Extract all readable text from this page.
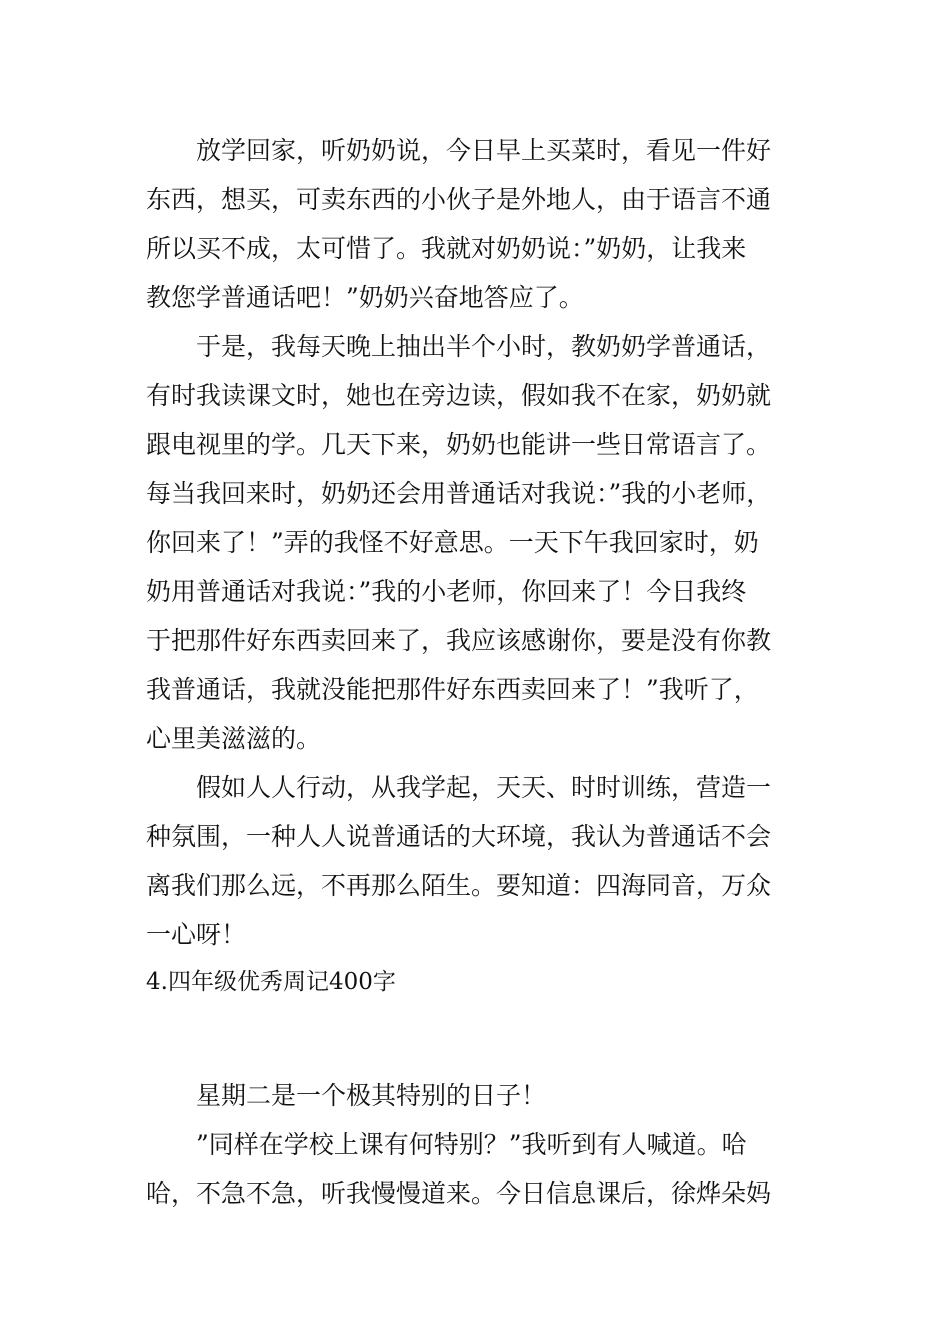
放学回家，听奶奶说，今日早上买菜时，看见一件好

东西，想买，可卖东西的小伙子是外地人，由于语言不通

所以买不成，太可惜了。我就对奶奶说：”奶奶，让我来

教您学普通话吧！”奶奶兴奋地答应了。

于是，我每天晚上抽出半个小时，教奶奶学普通话，

有时我读课文时，她也在旁边读，假如我不在家，奶奶就

跟电视里的学。几天下来，奶奶也能讲一些日常语言了。

每当我回来时，奶奶还会用普通话对我说：”我的小老师，

你回来了！”弄的我怪不好意思。一天下午我回家时，奶

奶用普通话对我说：”我的小老师，你回来了！今日我终

于把那件好东西卖回来了，我应该感谢你，要是没有你教

我普通话，我就没能把那件好东西卖回来了！”我听了，

心里美滋滋的。

假如人人行动，从我学起，天天、时时训练，营造一

种氛围，一种人人说普通话的大环境，我认为普通话不会

离我们那么远，不再那么陌生。要知道：四海同音，万众

一心呀！

4.四年级优秀周记400字

星期二是一个极其特别的日子！

”同样在学校上课有何特别？”我听到有人喊道。哈

哈，不急不急，听我慢慢道来。今日信息课后，徐烨朵妈
